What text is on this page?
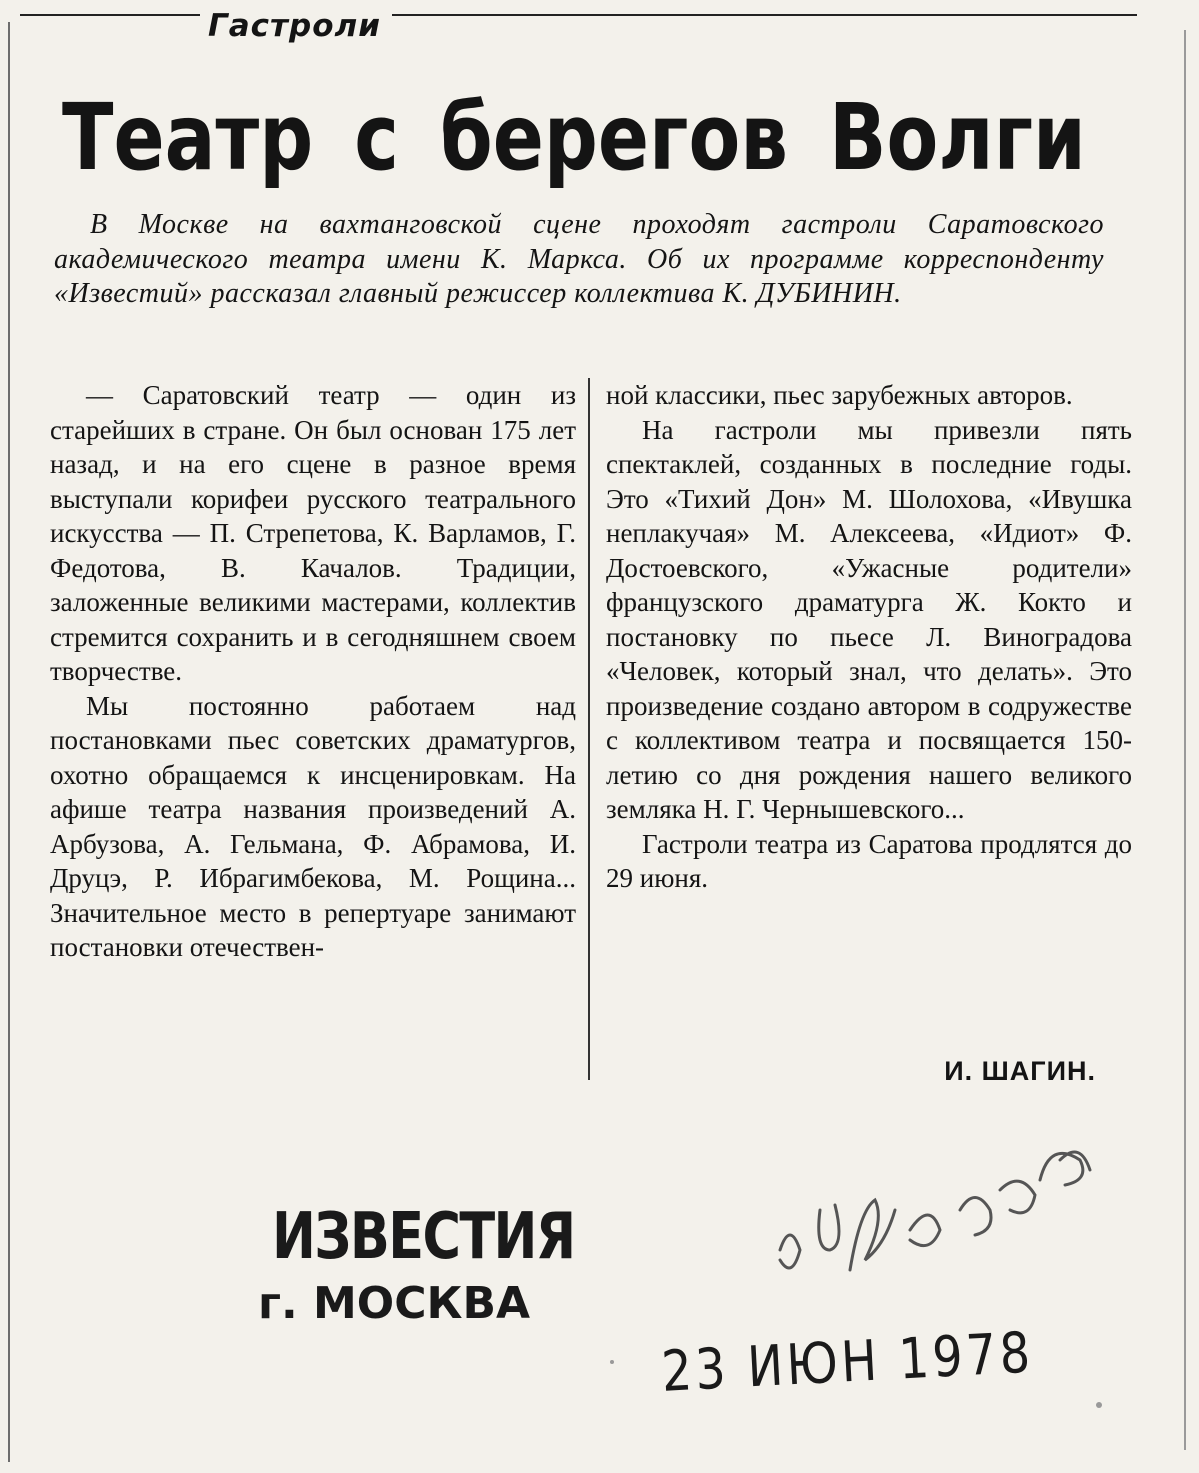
Гастроли
Театр с берегов Волги
В Москве на вахтанговской сцене проходят гастроли Саратовского академического театра имени К. Маркса. Об их программе корреспонденту «Известий» рассказал главный режиссер коллектива К. ДУБИНИН.

— Саратовский театр — один из старейших в стране. Он был основан 175 лет назад, и на его сцене в разное время выступали корифеи русского театрального искусства — П. Стрепетова, К. Варламов, Г. Федотова, В. Качалов. Традиции, заложенные великими мастерами, коллектив стремится сохранить и в сегодняшнем своем творчестве.

Мы постоянно работаем над постановками пьес советских драматургов, охотно обращаемся к инсценировкам. На афише театра названия произведений А. Арбузова, А. Гельмана, Ф. Абрамова, И. Друцэ, Р. Ибрагимбекова, М. Рощина... Значительное место в репертуаре занимают постановки отечествен-

ной классики, пьес зарубежных авторов.

На гастроли мы привезли пять спектаклей, созданных в последние годы. Это «Тихий Дон» М. Шолохова, «Ивушка неплакучая» М. Алексеева, «Идиот» Ф. Достоевского, «Ужасные родители» французского драматурга Ж. Кокто и постановку по пьесе Л. Виноградова «Человек, который знал, что делать». Это произведение создано автором в содружестве с коллективом театра и посвящается 150-летию со дня рождения нашего великого земляка Н. Г. Чернышевского...

Гастроли театра из Саратова продлятся до 29 июня.

И. ШАГИН.
ИЗВЕСТИЯ
г. МОСКВА
23 ИЮН 1978
